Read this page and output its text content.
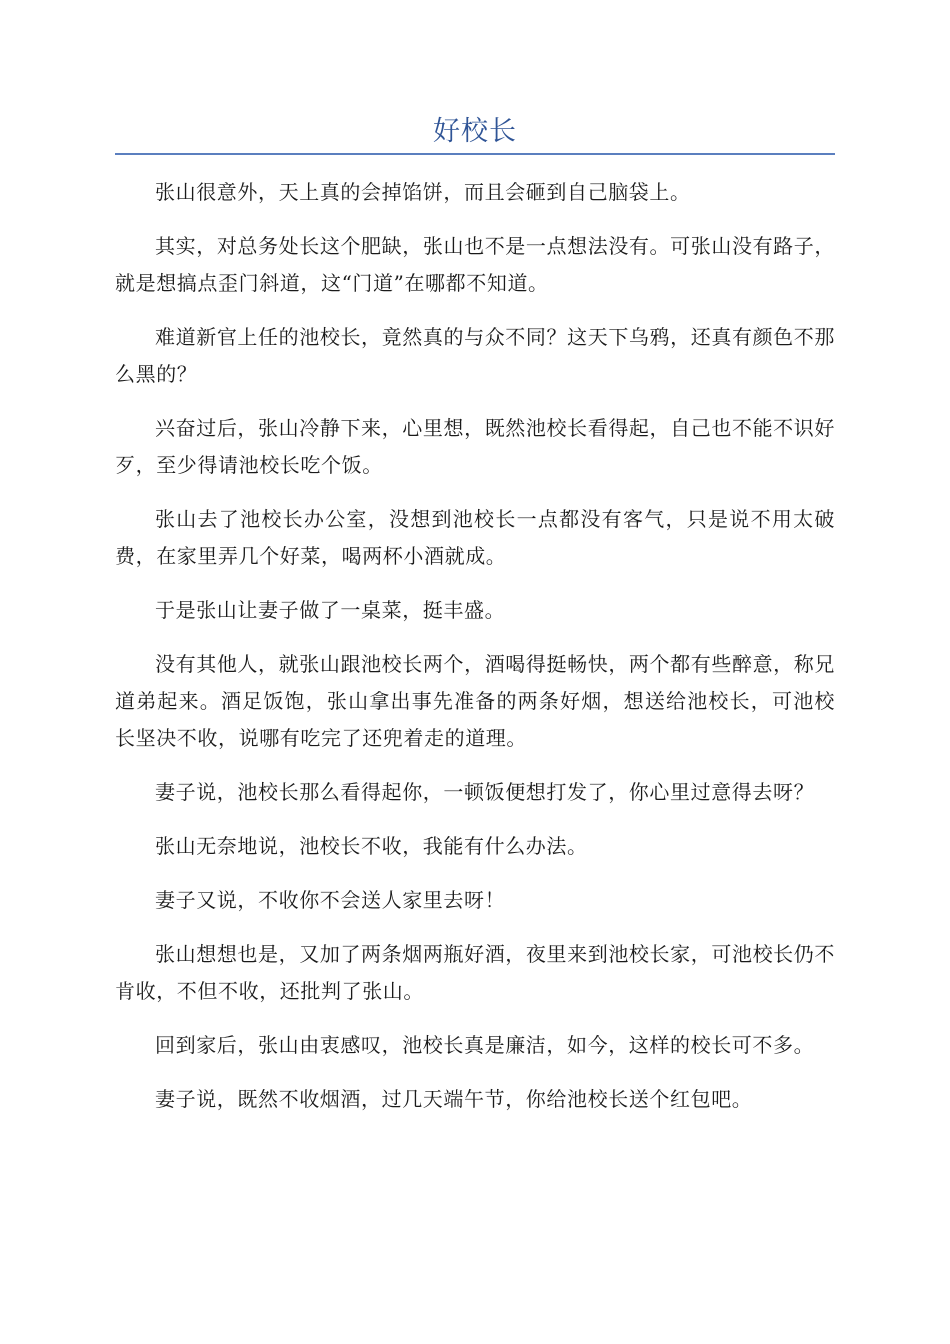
好校长

张山很意外，天上真的会掉馅饼，而且会砸到自己脑袋上。

其实，对总务处长这个肥缺，张山也不是一点想法没有。可张山没有路子，就是想搞点歪门斜道，这“门道”在哪都不知道。

难道新官上任的池校长，竟然真的与众不同？这天下乌鸦，还真有颜色不那么黑的？

兴奋过后，张山冷静下来，心里想，既然池校长看得起，自己也不能不识好歹，至少得请池校长吃个饭。

张山去了池校长办公室，没想到池校长一点都没有客气，只是说不用太破费，在家里弄几个好菜，喝两杯小酒就成。

于是张山让妻子做了一桌菜，挺丰盛。

没有其他人，就张山跟池校长两个，酒喝得挺畅快，两个都有些醉意，称兄道弟起来。酒足饭饱，张山拿出事先准备的两条好烟，想送给池校长，可池校长坚决不收，说哪有吃完了还兜着走的道理。

妻子说，池校长那么看得起你，一顿饭便想打发了，你心里过意得去呀？

张山无奈地说，池校长不收，我能有什么办法。

妻子又说，不收你不会送人家里去呀！

张山想想也是，又加了两条烟两瓶好酒，夜里来到池校长家，可池校长仍不肯收，不但不收，还批判了张山。

回到家后，张山由衷感叹，池校长真是廉洁，如今，这样的校长可不多。

妻子说，既然不收烟酒，过几天端午节，你给池校长送个红包吧。
